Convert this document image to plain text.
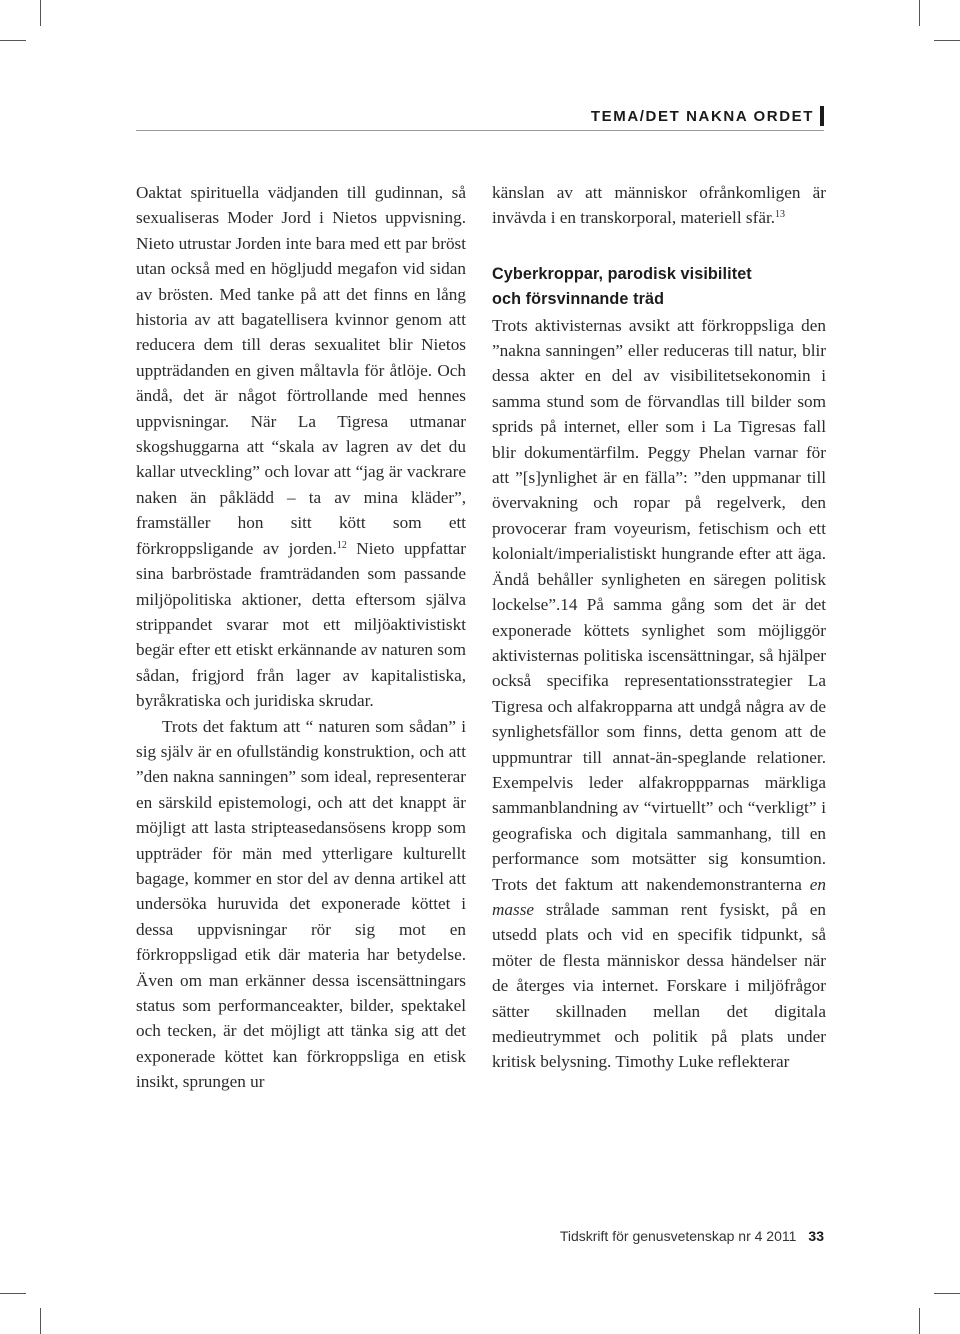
TEMA/DET NAKNA ORDET

Oaktat spirituella vädjanden till gudinnan, så sexualiseras Moder Jord i Nietos uppvisning. Nieto utrustar Jorden inte bara med ett par bröst utan också med en högljudd megafon vid sidan av brösten. Med tanke på att det finns en lång historia av att bagatellisera kvinnor genom att reducera dem till deras sexualitet blir Nietos uppträdanden en given måltavla för åtlöje. Och ändå, det är något förtrollande med hennes uppvisningar. När La Tigresa utmanar skogshuggarna att “skala av lagren av det du kallar utveckling” och lovar att “jag är vackrare naken än påklädd – ta av mina kläder”, framställer hon sitt kött som ett förkroppsligande av jorden.$^{12}$ Nieto uppfattar sina barbröstade framträdanden som passande miljöpolitiska aktioner, detta eftersom själva strippandet svarar mot ett miljöaktivistiskt begär efter ett etiskt erkännande av naturen som sådan, frigjord från lager av kapitalistiska, byråkratiska och juridiska skrudar.

Trots det faktum att “ naturen som sådan” i sig själv är en ofullständig konstruktion, och att ”den nakna sanningen” som ideal, representerar en särskild epistemologi, och att det knappt är möjligt att lasta stripteasedansösens kropp som uppträder för män med ytterligare kulturellt bagage, kommer en stor del av denna artikel att undersöka huruvida det exponerade köttet i dessa uppvisningar rör sig mot en förkroppsligad etik där materia har betydelse. Även om man erkänner dessa iscensättningars status som performanceakter, bilder, spektakel och tecken, är det möjligt att tänka sig att det exponerade köttet kan förkroppsliga en etisk insikt, sprungen ur

känslan av att människor ofrånkomligen är invävda i en transkorporal, materiell sfär.$^{13}$

Cyberkroppar, parodisk visibilitet
och försvinnande träd

Trots aktivisternas avsikt att förkroppsliga den ”nakna sanningen” eller reduceras till natur, blir dessa akter en del av visibilitetsekonomin i samma stund som de förvandlas till bilder som sprids på internet, eller som i La Tigresas fall blir dokumentärfilm. Peggy Phelan varnar för att ”[s]ynlighet är en fälla”: ”den uppmanar till övervakning och ropar på regelverk, den provocerar fram voyeurism, fetischism och ett kolonialt/imperialistiskt hungrande efter att äga. Ändå behåller synligheten en säregen politisk lockelse”.14 På samma gång som det är det exponerade köttets synlighet som möjliggör aktivisternas politiska iscensättningar, så hjälper också specifika representationsstrategier La Tigresa och alfakropparna att undgå några av de synlighetsfällor som finns, detta genom att de uppmuntrar till annat-än-speglande relationer. Exempelvis leder alfakroppparnas märkliga sammanblandning av “virtuellt” och “verkligt” i geografiska och digitala sammanhang, till en performance som motsätter sig konsumtion. Trots det faktum att nakendemonstranterna en masse strålade samman rent fysiskt, på en utsedd plats och vid en specifik tidpunkt, så möter de flesta människor dessa händelser när de återges via internet. Forskare i miljöfrågor sätter skillnaden mellan det digitala medieutrymmet och politik på plats under kritisk belysning. Timothy Luke reflekterar

Tidskrift för genusvetenskap nr 4 2011 33
